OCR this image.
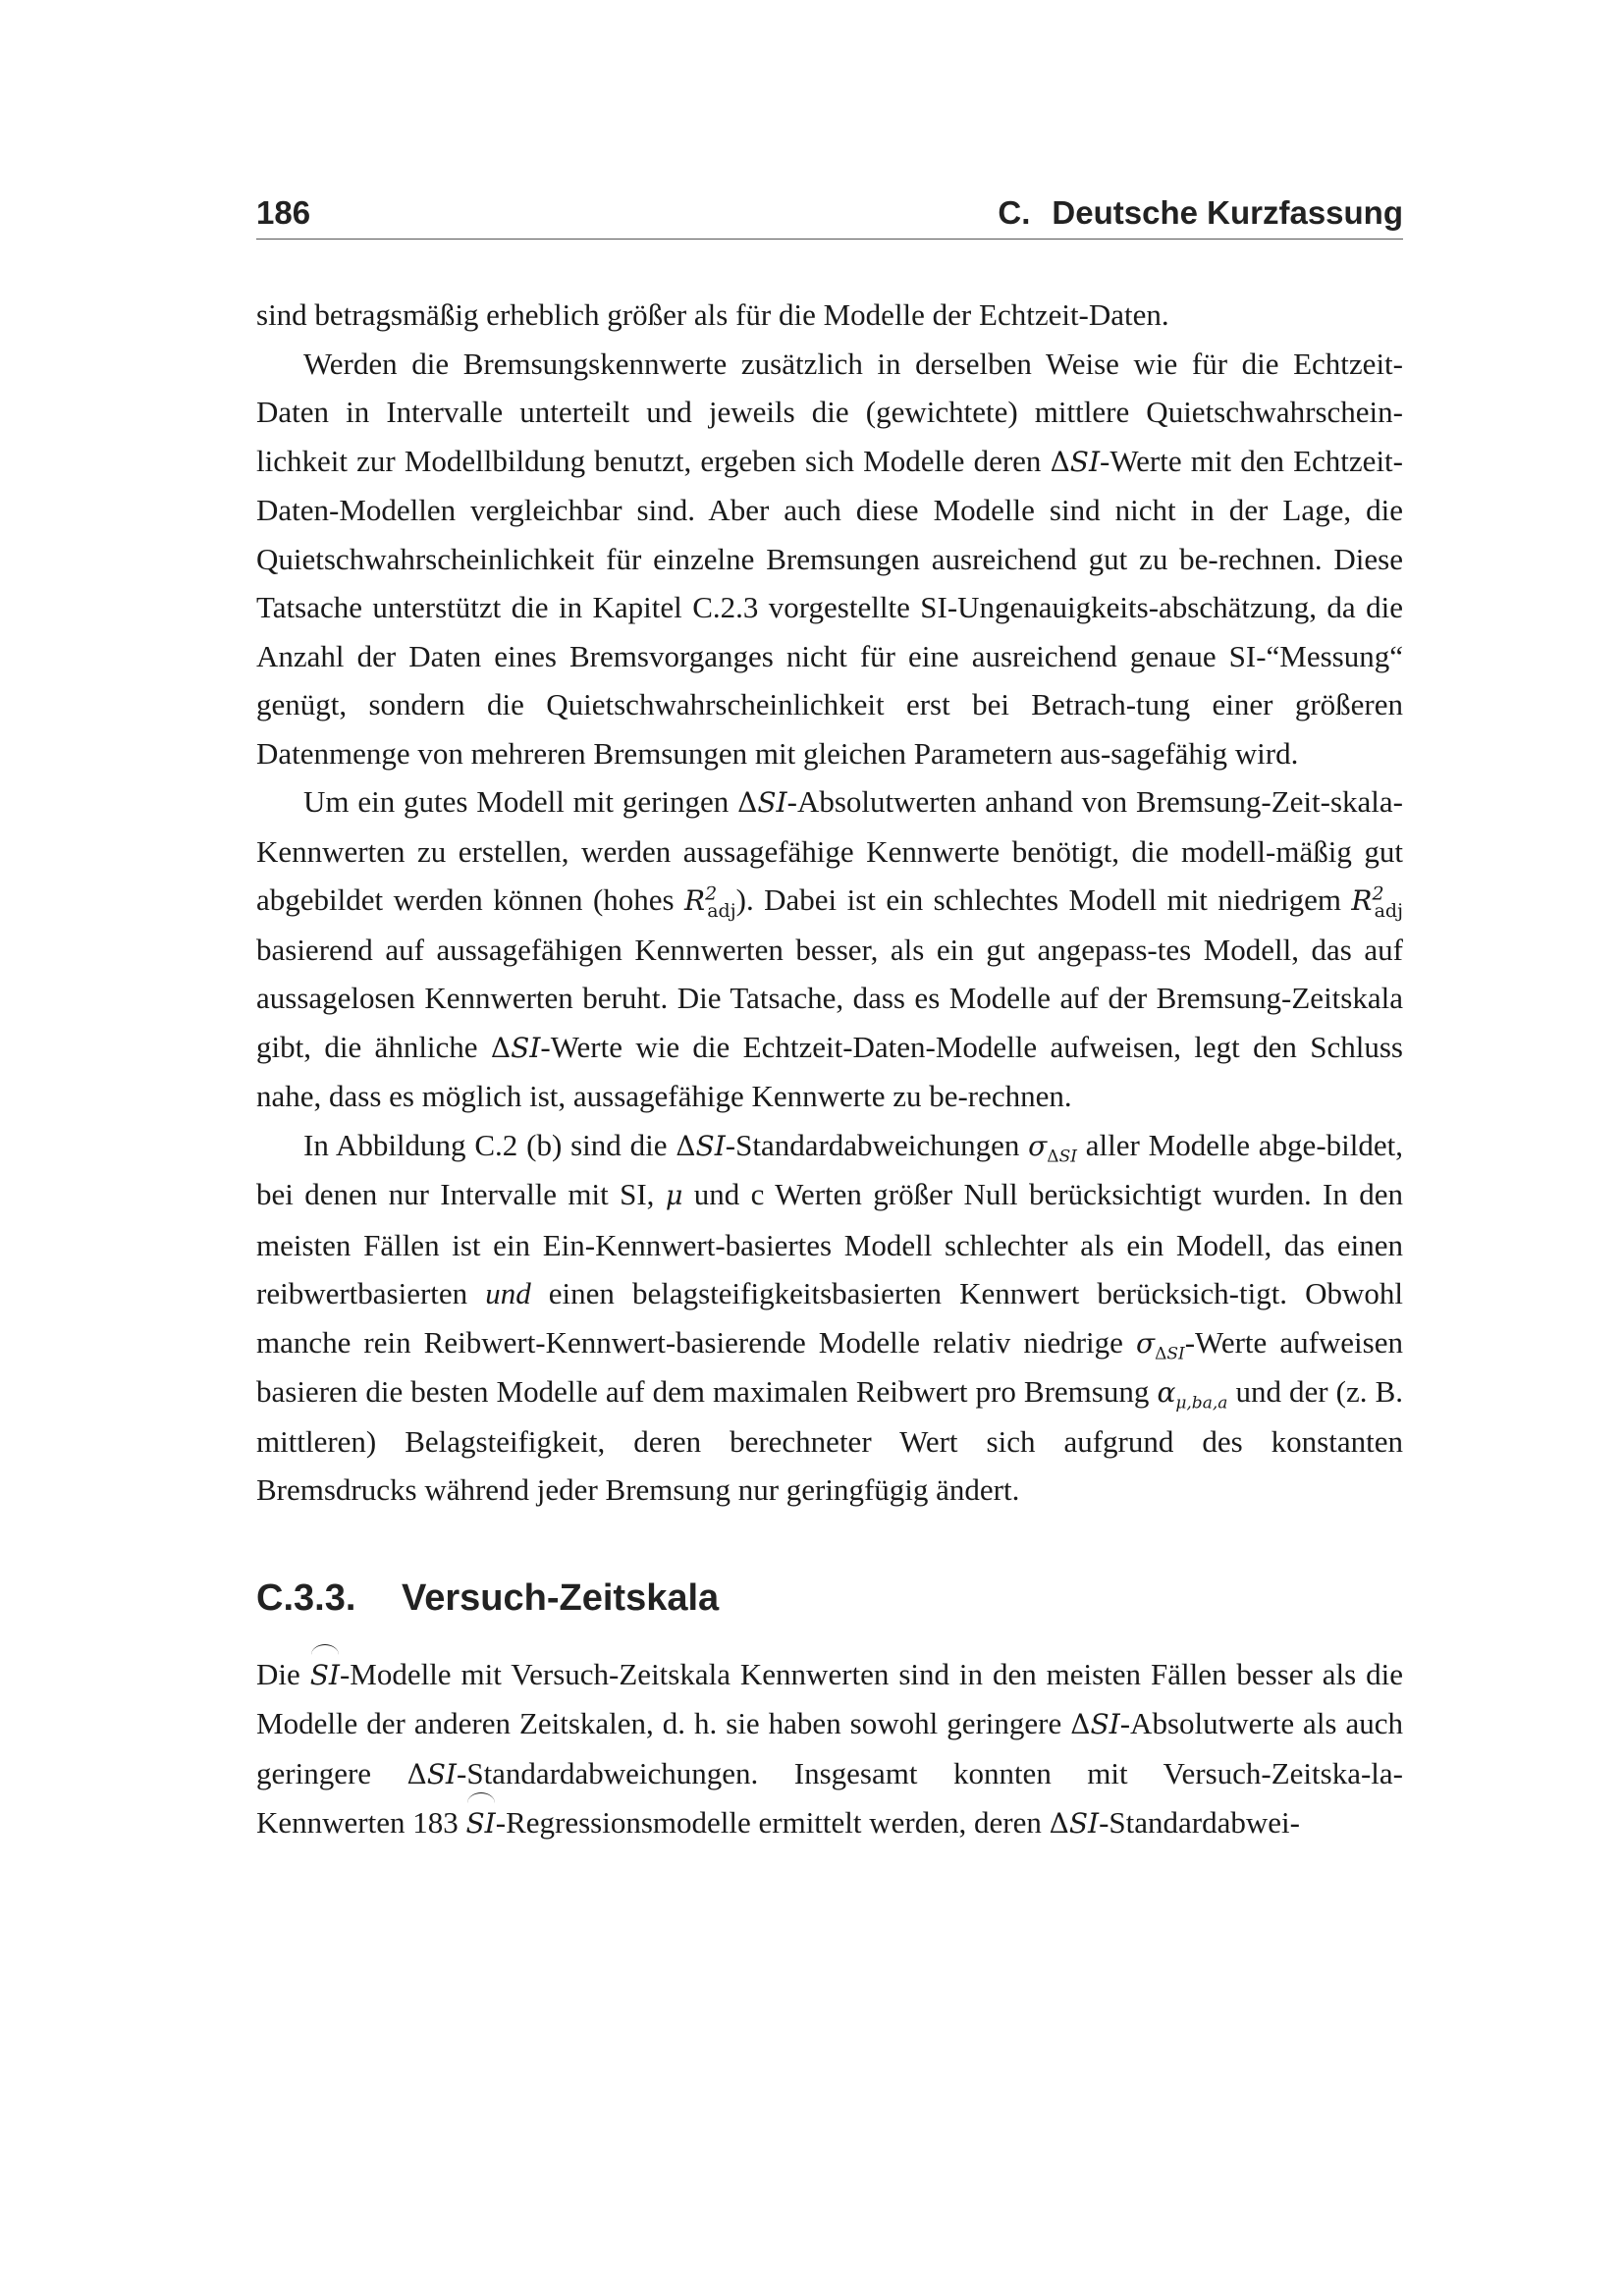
186	C. Deutsche Kurzfassung

sind betragsmäßig erheblich größer als für die Modelle der Echtzeit-Daten.

Werden die Bremsungskennwerte zusätzlich in derselben Weise wie für die Echtzeit-Daten in Intervalle unterteilt und jeweils die (gewichtete) mittlere Quietschwahrschein-lichkeit zur Modellbildung benutzt, ergeben sich Modelle deren ΔSI-Werte mit den Echtzeit-Daten-Modellen vergleichbar sind. Aber auch diese Modelle sind nicht in der Lage, die Quietschwahrscheinlichkeit für einzelne Bremsungen ausreichend gut zu be-rechnen. Diese Tatsache unterstützt die in Kapitel C.2.3 vorgestellte SI-Ungenauigkeits-abschätzung, da die Anzahl der Daten eines Bremsvorganges nicht für eine ausreichend genaue SI-“Messung“ genügt, sondern die Quietschwahrscheinlichkeit erst bei Betrach-tung einer größeren Datenmenge von mehreren Bremsungen mit gleichen Parametern aus-sagefähig wird.

Um ein gutes Modell mit geringen ΔSI-Absolutwerten anhand von Bremsung-Zeit-skala-Kennwerten zu erstellen, werden aussagefähige Kennwerte benötigt, die modell-mäßig gut abgebildet werden können (hohes $R^2_{adj}$). Dabei ist ein schlechtes Modell mit niedrigem $R^2_{adj}$ basierend auf aussagefähigen Kennwerten besser, als ein gut angepass-tes Modell, das auf aussagelosen Kennwerten beruht. Die Tatsache, dass es Modelle auf der Bremsung-Zeitskala gibt, die ähnliche ΔSI-Werte wie die Echtzeit-Daten-Modelle aufweisen, legt den Schluss nahe, dass es möglich ist, aussagefähige Kennwerte zu be-rechnen.

In Abbildung C.2 (b) sind die ΔSI-Standardabweichungen $\sigma_{\Delta SI}$ aller Modelle abge-bildet, bei denen nur Intervalle mit SI, μ und c Werten größer Null berücksichtigt wurden. In den meisten Fällen ist ein Ein-Kennwert-basiertes Modell schlechter als ein Modell, das einen reibwertbasierten und einen belagsteifigkeitsbasierten Kennwert berücksich-tigt. Obwohl manche rein Reibwert-Kennwert-basierende Modelle relativ niedrige $\sigma_{\Delta SI}$-Werte aufweisen basieren die besten Modelle auf dem maximalen Reibwert pro Bremsung $\alpha_{\mu,ba,a}$ und der (z. B. mittleren) Belagsteifigkeit, deren berechneter Wert sich aufgrund des konstanten Bremsdrucks während jeder Bremsung nur geringfügig ändert.

C.3.3. Versuch-Zeitskala

Die SI-Modelle mit Versuch-Zeitskala Kennwerten sind in den meisten Fällen besser als die Modelle der anderen Zeitskalen, d. h. sie haben sowohl geringere ΔSI-Absolutwerte als auch geringere ΔSI-Standardabweichungen. Insgesamt konnten mit Versuch-Zeitska-la-Kennwerten 183 SI-Regressionsmodelle ermittelt werden, deren ΔSI-Standardabwei-
